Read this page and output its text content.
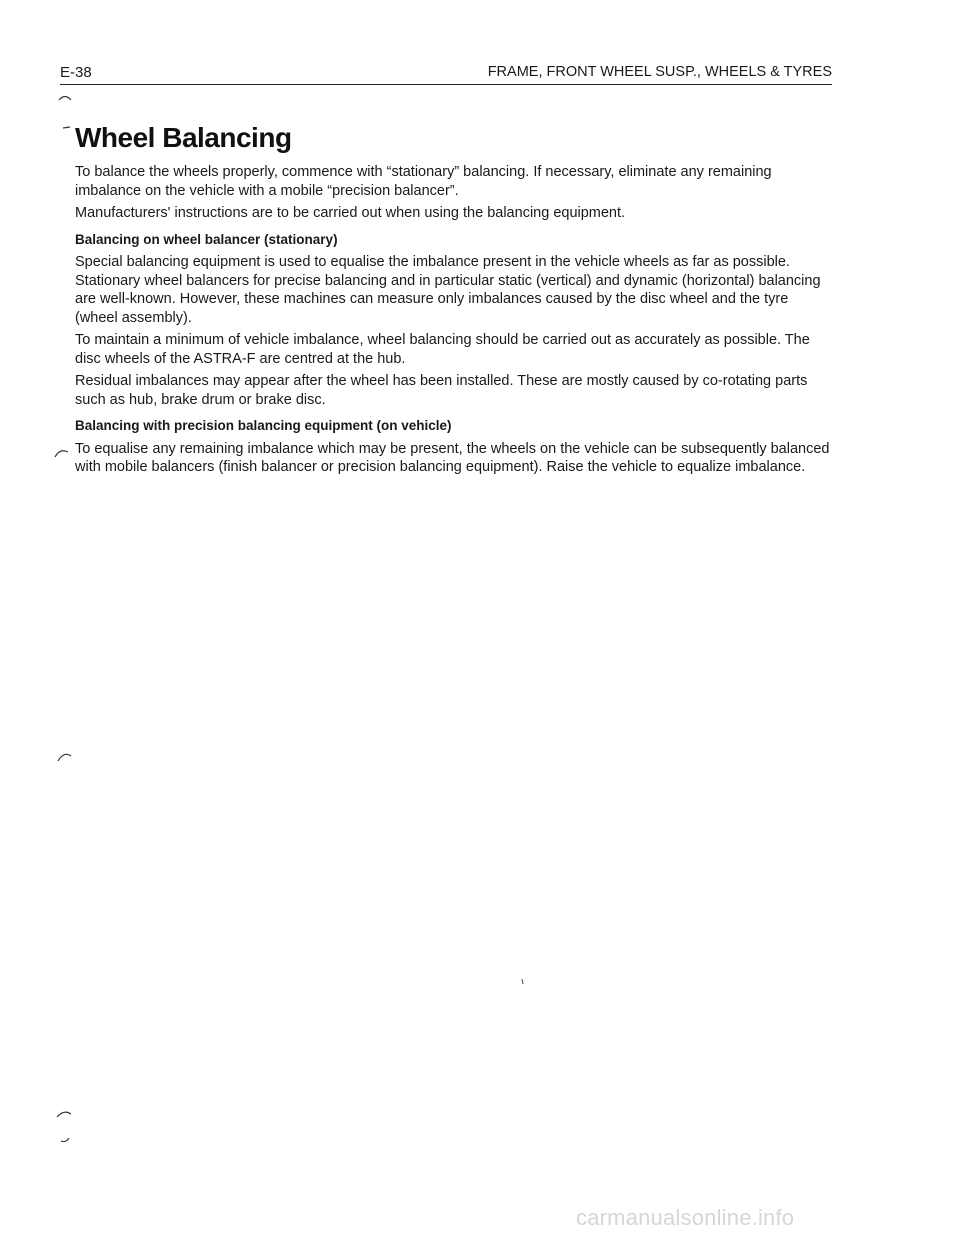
E-38	FRAME, FRONT WHEEL SUSP., WHEELS & TYRES
Wheel Balancing

To balance the wheels properly, commence with “stationary” balancing. If necessary, eliminate any remaining imbalance on the vehicle with a mobile “precision balancer”.

Manufacturers' instructions are to be carried out when using the balancing equipment.

Balancing on wheel balancer (stationary)

Special balancing equipment is used to equalise the imbalance present in the vehicle wheels as far as possible. Stationary wheel balancers for precise balancing and in particular static (vertical) and dynamic (horizontal) balancing are well-known. However, these machines can measure only imbalances caused by the disc wheel and the tyre (wheel assembly).

To maintain a minimum of vehicle imbalance, wheel balancing should be carried out as accurately as possible. The disc wheels of the ASTRA-F are centred at the hub.

Residual imbalances may appear after the wheel has been installed. These are mostly caused by co-rotating parts such as hub, brake drum or brake disc.

Balancing with precision balancing equipment (on vehicle)

To equalise any remaining imbalance which may be present, the wheels on the vehicle can be subsequently balanced with mobile balancers (finish balancer or precision balancing equipment). Raise the vehicle to equalize imbalance.

carmanualsonline.info
